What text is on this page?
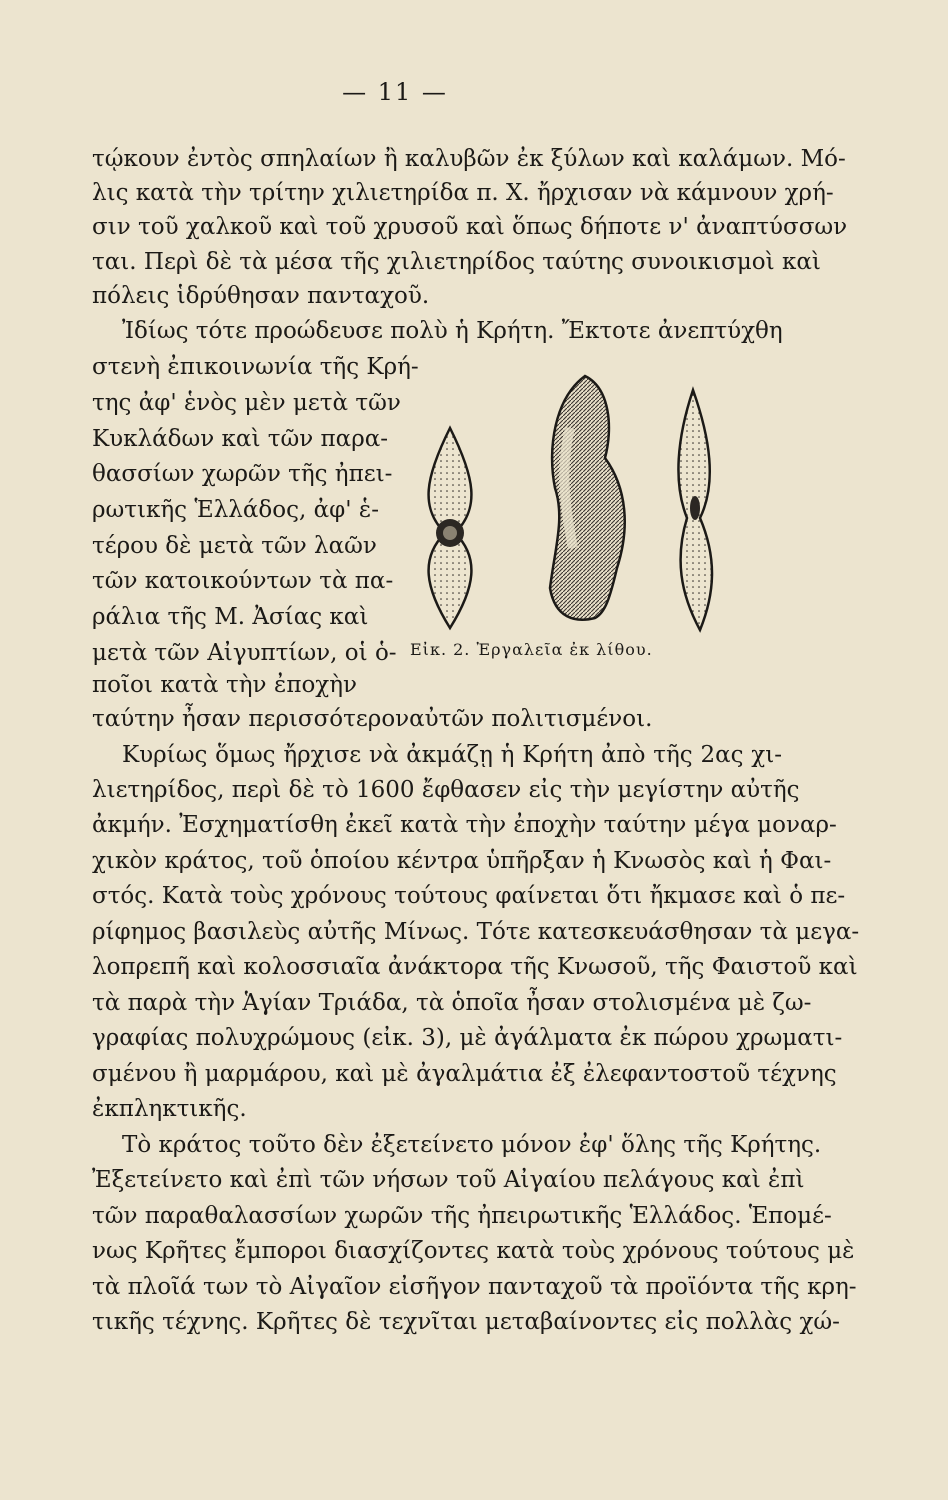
— 11 —
τῴκουν ἐντὸς σπηλαίων ἢ καλυβῶν ἐκ ξύλων καὶ καλάμων. Μό-
λις κατὰ τὴν τρίτην χιλιετηρίδα π. Χ. ἤρχισαν νὰ κάμνουν χρή-
σιν τοῦ χαλκοῦ καὶ τοῦ χρυσοῦ καὶ ὅπως δήποτε ν' ἀναπτύσσων
ται. Περὶ δὲ τὰ μέσα τῆς χιλιετηρίδος ταύτης συνοικισμοὶ καὶ
πόλεις ἱδρύθησαν πανταχοῦ.
Ἰδίως τότε προώδευσε πολὺ ἡ Κρήτη. Ἔκτοτε ἀνεπτύχθη
στενὴ ἐπικοινωνία τῆς Κρή-
της ἀφ' ἑνὸς μὲν μετὰ τῶν
Κυκλάδων καὶ τῶν παρα-
θασσίων χωρῶν τῆς ἠπει-
ρωτικῆς Ἑλλάδος, ἀφ' ἑ-
τέρου δὲ μετὰ τῶν λαῶν
τῶν κατοικούντων τὰ πα-
ράλια τῆς Μ. Ἀσίας καὶ
μετὰ τῶν Αἰγυπτίων, οἱ ὁ-
ποῖοι κατὰ τὴν ἐποχὴν
ταύτην ἦσαν περισσότεροναὐτῶν πολιτισμένοι.
Κυρίως ὅμως ἤρχισε νὰ ἀκμάζῃ ἡ Κρήτη ἀπὸ τῆς 2ας χι-
λιετηρίδος, περὶ δὲ τὸ 1600 ἔφθασεν εἰς τὴν μεγίστην αὐτῆς
ἀκμήν. Ἐσχηματίσθη ἐκεῖ κατὰ τὴν ἐποχὴν ταύτην μέγα μοναρ-
χικὸν κράτος, τοῦ ὁποίου κέντρα ὑπῆρξαν ἡ Κνωσὸς καὶ ἡ Φαι-
στός. Κατὰ τοὺς χρόνους τούτους φαίνεται ὅτι ἤκμασε καὶ ὁ πε-
ρίφημος βασιλεὺς αὐτῆς Μίνως. Τότε κατεσκευάσθησαν τὰ μεγα-
λοπρεπῆ καὶ κολοσσιαῖα ἀνάκτορα τῆς Κνωσοῦ, τῆς Φαιστοῦ καὶ
τὰ παρὰ τὴν Ἁγίαν Τριάδα, τὰ ὁποῖα ἦσαν στολισμένα μὲ ζω-
γραφίας πολυχρώμους (εἰκ. 3), μὲ ἀγάλματα ἐκ πώρου χρωματι-
σμένου ἢ μαρμάρου, καὶ μὲ ἀγαλμάτια ἐξ ἐλεφαντοστοῦ τέχνης
ἐκπληκτικῆς.
Τὸ κράτος τοῦτο δὲν ἐξετείνετο μόνον ἐφ' ὅλης τῆς Κρήτης.
Ἐξετείνετο καὶ ἐπὶ τῶν νήσων τοῦ Αἰγαίου πελάγους καὶ ἐπὶ
τῶν παραθαλασσίων χωρῶν τῆς ἠπειρωτικῆς Ἑλλάδος. Ἑπομέ-
νως Κρῆτες ἔμποροι διασχίζοντες κατὰ τοὺς χρόνους τούτους μὲ
τὰ πλοῖά των τὸ Αἰγαῖον εἰσῆγον πανταχοῦ τὰ προϊόντα τῆς κρη-
τικῆς τέχνης. Κρῆτες δὲ τεχνῖται μεταβαίνοντες εἰς πολλὰς χώ-
Εἰκ. 2. Ἐργαλεῖα ἐκ λίθου.
